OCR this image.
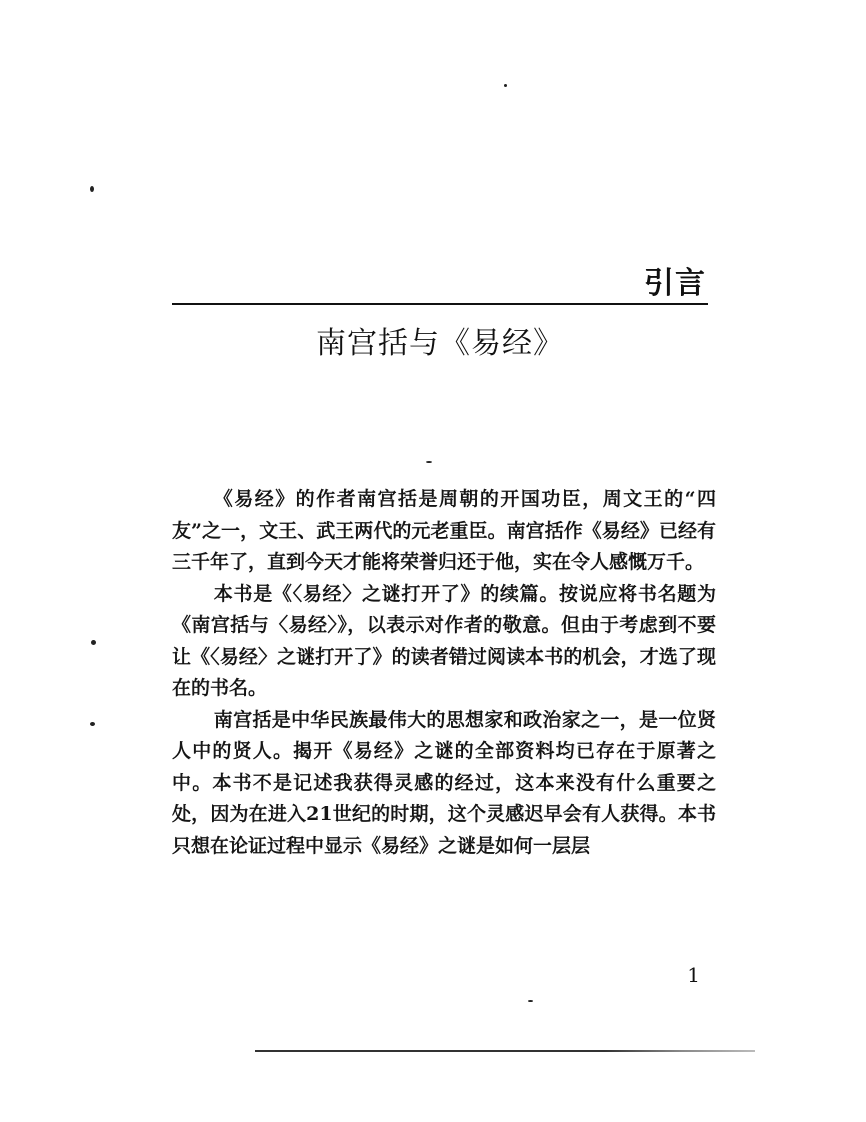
引言
南宫括与《易经》

《易经》的作者南宫括是周朝的开国功臣，周文王的“四友”之一，文王、武王两代的元老重臣。南宫括作《易经》已经有三千年了，直到今天才能将荣誉归还于他，实在令人感慨万千。

本书是《〈易经〉之谜打开了》的续篇。按说应将书名题为《南宫括与〈易经〉》，以表示对作者的敬意。但由于考虑到不要让《〈易经〉之谜打开了》的读者错过阅读本书的机会，才选了现在的书名。

南宫括是中华民族最伟大的思想家和政治家之一，是一位贤人中的贤人。揭开《易经》之谜的全部资料均已存在于原著之中。本书不是记述我获得灵感的经过，这本来没有什么重要之处，因为在进入21世纪的时期，这个灵感迟早会有人获得。本书只想在论证过程中显示《易经》之谜是如何一层层

1
